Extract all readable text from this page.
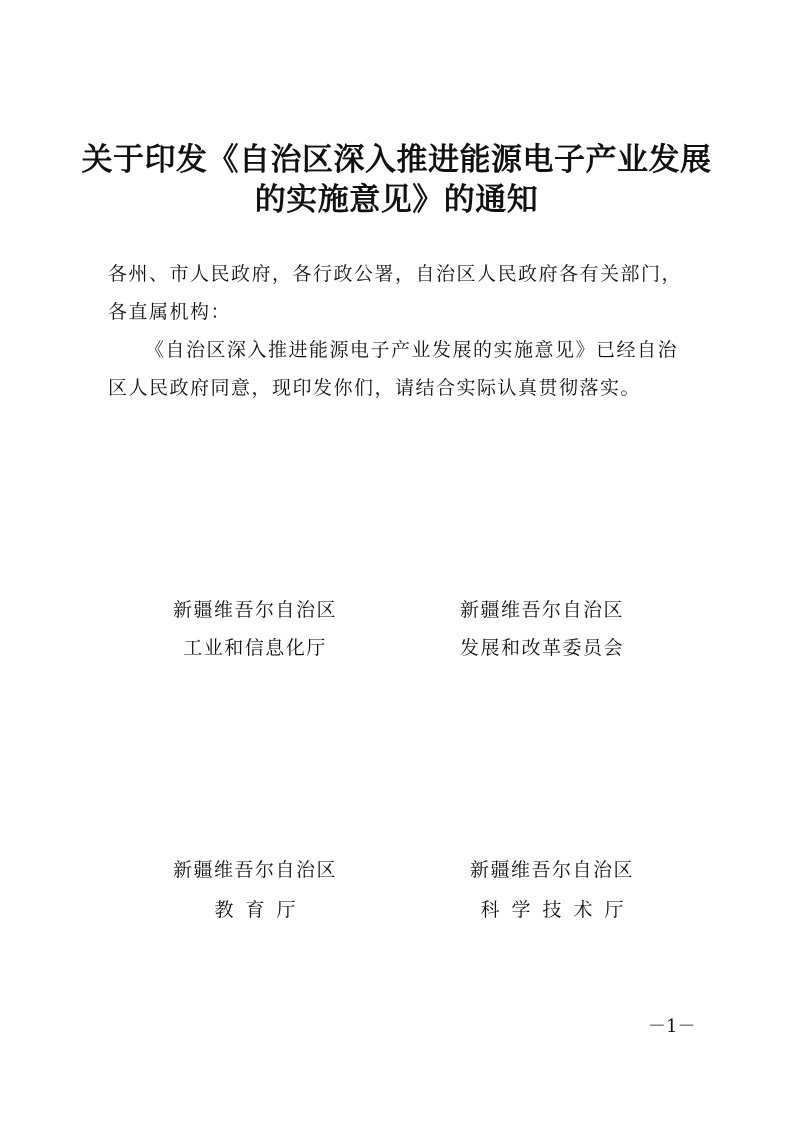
关于印发《自治区深入推进能源电子产业发展
的实施意见》的通知
各州、市人民政府，各行政公署，自治区人民政府各有关部门，
各直属机构：
《自治区深入推进能源电子产业发展的实施意见》已经自治
区人民政府同意，现印发你们，请结合实际认真贯彻落实。
新疆维吾尔自治区
工业和信息化厅
新疆维吾尔自治区
发展和改革委员会
新疆维吾尔自治区
教育厅
新疆维吾尔自治区
科学技术厅
－1－
